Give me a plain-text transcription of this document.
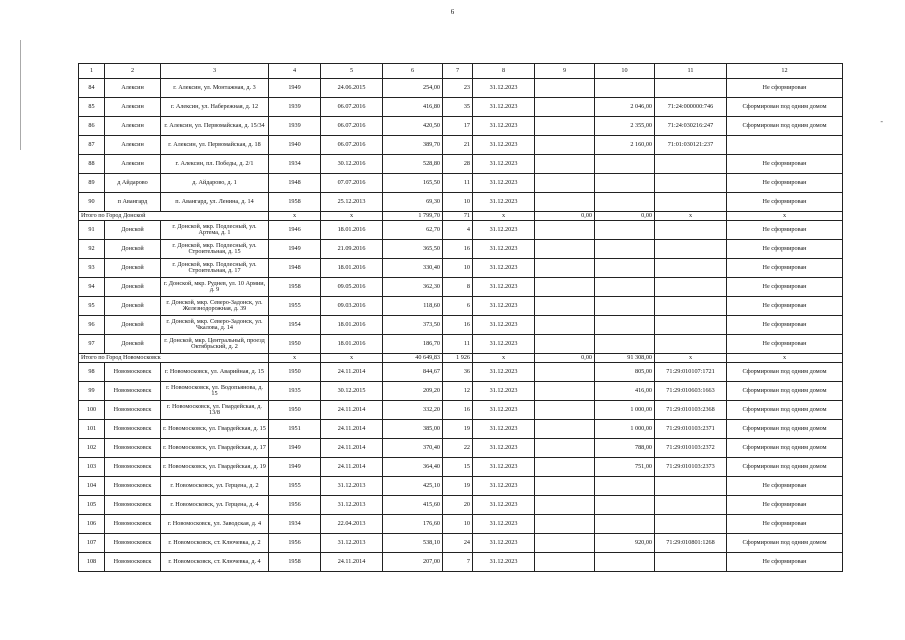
6
-
1	2	3	4	5	6	7	8	9	10	11	12
84	Алексин	г. Алексин, ул. Монтажная, д. 3	1949	24.06.2015	254,00	23	31.12.2023				Не сформирован
85	Алексин	г. Алексин, ул. Набережная, д. 12	1939	06.07.2016	416,80	35	31.12.2023		2 046,00	71:24:000000:746	Сформирован под одним домом
86	Алексин	г. Алексин, ул. Первомайская, д. 15/34	1939	06.07.2016	420,50	17	31.12.2023		2 355,00	71:24:030216:247	Сформирован под одним домом
87	Алексин	г. Алексин, ул. Первомайская, д. 18	1940	06.07.2016	389,70	21	31.12.2023		2 160,00	71:01:030121:237	
88	Алексин	г. Алексин, пл. Победы, д. 2/1	1934	30.12.2016	528,80	28	31.12.2023				Не сформирован
89	д Айдарово	д. Айдарово, д. 1	1948	07.07.2016	165,50	11	31.12.2023				Не сформирован
90	п Авангард	п. Авангард, ул. Ленина, д. 14	1958	25.12.2013	69,30	10	31.12.2023				Не сформирован
Итого по Город Донской			х	х	1 799,70	71	х	0,00	0,00	х	х
91	Донской	г. Донской, мкр. Подлесный, ул. Артема, д. 1	1946	18.01.2016	62,70	4	31.12.2023				Не сформирован
92	Донской	г. Донской, мкр. Подлесный, ул. Строительная, д. 15	1949	21.09.2016	365,50	16	31.12.2023				Не сформирован
93	Донской	г. Донской, мкр. Подлесный, ул. Строительная, д. 17	1948	18.01.2016	330,40	10	31.12.2023				Не сформирован
94	Донской	г. Донской, мкр. Руднев, ул. 10 Армии, д. 9	1958	09.05.2016	362,30	8	31.12.2023				Не сформирован
95	Донской	г. Донской, мкр. Северо-Задонск, ул. Железнодорожная, д. 39	1955	09.03.2016	118,60	6	31.12.2023				Не сформирован
96	Донской	г. Донской, мкр. Северо-Задонск, ул. Чкалова, д. 14	1954	18.01.2016	373,50	16	31.12.2023				Не сформирован
97	Донской	г. Донской, мкр. Центральный, проезд Октябрьский, д. 2	1950	18.01.2016	186,70	11	31.12.2023				Не сформирован
Итого по Город Новомосковск			х	х	40 649,83	1 926	х	0,00	91 308,00	х	х
98	Новомосковск	г. Новомосковск, ул. Аварийная, д. 15	1950	24.11.2014	844,67	36	31.12.2023		805,00	71:29:010107:1721	Сформирован под одним домом
99	Новомосковск	г. Новомосковск, ул. Водопьянова, д. 15	1935	30.12.2015	209,20	12	31.12.2023		416,00	71:29:010603:1663	Сформирован под одним домом
100	Новомосковск	г. Новомосковск, ул. Гвардейская, д. 13/8	1950	24.11.2014	332,20	16	31.12.2023		1 000,00	71:29:010103:2368	Сформирован под одним домом
101	Новомосковск	г. Новомосковск, ул. Гвардейская, д. 15	1951	24.11.2014	385,00	19	31.12.2023		1 000,00	71:29:010103:2371	Сформирован под одним домом
102	Новомосковск	г. Новомосковск, ул. Гвардейская, д. 17	1949	24.11.2014	370,40	22	31.12.2023		788,00	71:29:010103:2372	Сформирован под одним домом
103	Новомосковск	г. Новомосковск, ул. Гвардейская, д. 19	1949	24.11.2014	364,40	15	31.12.2023		751,00	71:29:010103:2373	Сформирован под одним домом
104	Новомосковск	г. Новомосковск, ул. Герцена, д. 2	1955	31.12.2013	425,10	19	31.12.2023				Не сформирован
105	Новомосковск	г. Новомосковск, ул. Герцена, д. 4	1956	31.12.2013	415,60	20	31.12.2023				Не сформирован
106	Новомосковск	г. Новомосковск, ул. Заводская, д. 4	1934	22.04.2013	176,60	10	31.12.2023				Не сформирован
107	Новомосковск	г. Новомосковск, ст. Ключевка, д. 2	1956	31.12.2013	538,10	24	31.12.2023		920,00	71:29:010801:1268	Сформирован под одним домом
108	Новомосковск	г. Новомосковск, ст. Ключевка, д. 4	1958	24.11.2014	207,00	7	31.12.2023				Не сформирован
